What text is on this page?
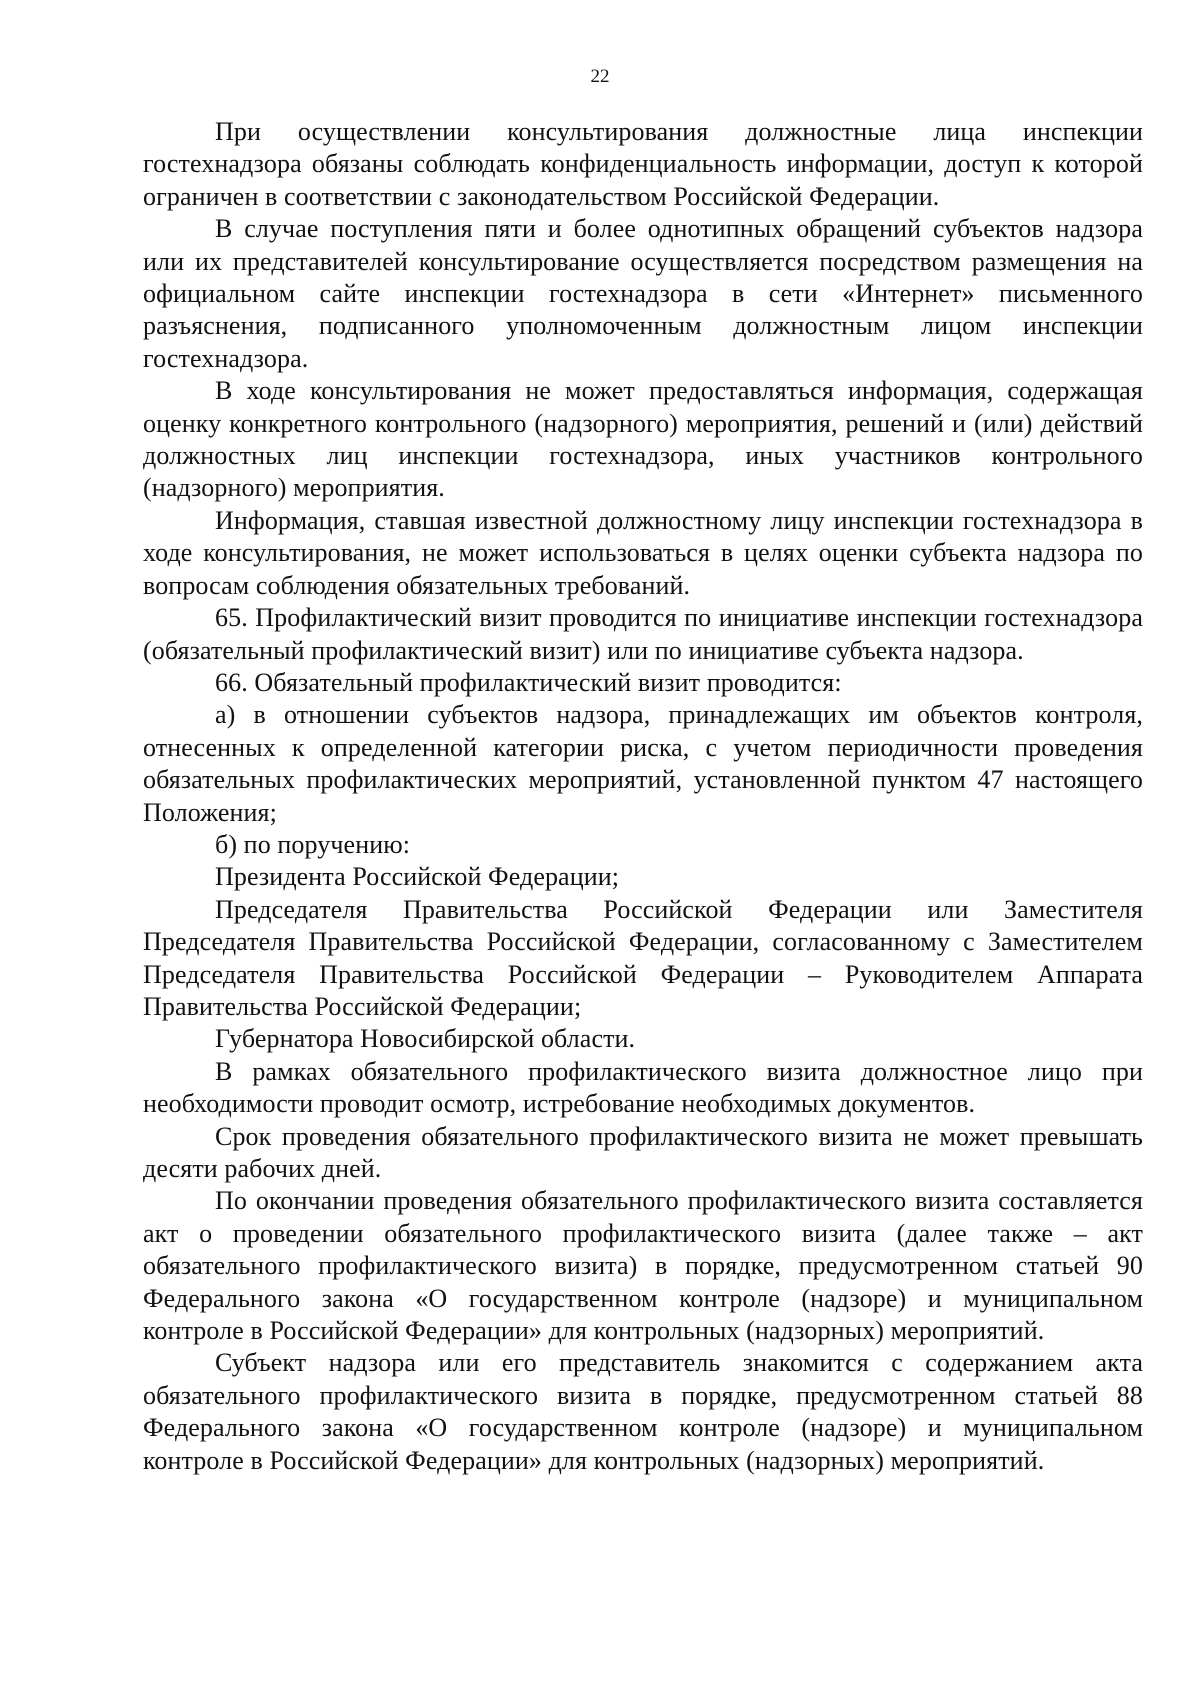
22

При осуществлении консультирования должностные лица инспекции гостехнадзора обязаны соблюдать конфиденциальность информации, доступ к которой ограничен в соответствии с законодательством Российской Федерации.

В случае поступления пяти и более однотипных обращений субъектов надзора или их представителей консультирование осуществляется посредством размещения на официальном сайте инспекции гостехнадзора в сети «Интернет» письменного разъяснения, подписанного уполномоченным должностным лицом инспекции гостехнадзора.

В ходе консультирования не может предоставляться информация, содержащая оценку конкретного контрольного (надзорного) мероприятия, решений и (или) действий должностных лиц инспекции гостехнадзора, иных участников контрольного (надзорного) мероприятия.

Информация, ставшая известной должностному лицу инспекции гостехнадзора в ходе консультирования, не может использоваться в целях оценки субъекта надзора по вопросам соблюдения обязательных требований.

65. Профилактический визит проводится по инициативе инспекции гостехнадзора (обязательный профилактический визит) или по инициативе субъекта надзора.

66. Обязательный профилактический визит проводится:

а) в отношении субъектов надзора, принадлежащих им объектов контроля, отнесенных к определенной категории риска, с учетом периодичности проведения обязательных профилактических мероприятий, установленной пунктом 47 настоящего Положения;

б) по поручению:

Президента Российской Федерации;

Председателя Правительства Российской Федерации или Заместителя Председателя Правительства Российской Федерации, согласованному с Заместителем Председателя Правительства Российской Федерации – Руководителем Аппарата Правительства Российской Федерации;

Губернатора Новосибирской области.

В рамках обязательного профилактического визита должностное лицо при необходимости проводит осмотр, истребование необходимых документов.

Срок проведения обязательного профилактического визита не может превышать десяти рабочих дней.

По окончании проведения обязательного профилактического визита составляется акт о проведении обязательного профилактического визита (далее также – акт обязательного профилактического визита) в порядке, предусмотренном статьей 90 Федерального закона «О государственном контроле (надзоре) и муниципальном контроле в Российской Федерации» для контрольных (надзорных) мероприятий.

Субъект надзора или его представитель знакомится с содержанием акта обязательного профилактического визита в порядке, предусмотренном статьей 88 Федерального закона «О государственном контроле (надзоре) и муниципальном контроле в Российской Федерации» для контрольных (надзорных) мероприятий.
